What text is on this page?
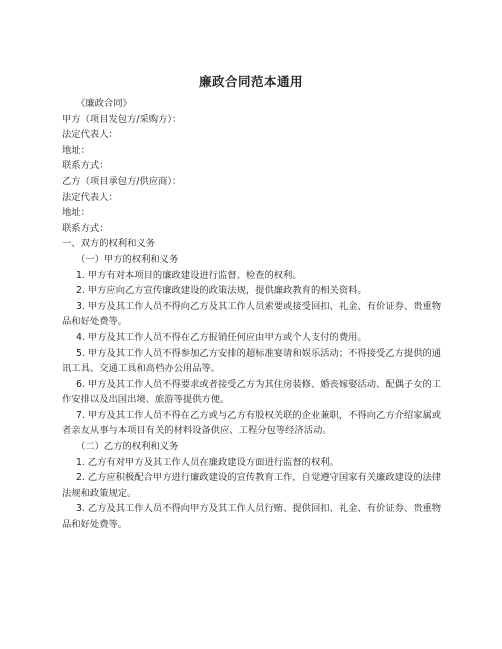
廉政合同范本通用

《廉政合同》

甲方（项目发包方/采购方）：

法定代表人：

地址：

联系方式：

乙方（项目承包方/供应商）：

法定代表人：

地址：

联系方式：

一、双方的权利和义务

（一）甲方的权利和义务

1. 甲方有对本项目的廉政建设进行监督、检查的权利。

2. 甲方应向乙方宣传廉政建设的政策法规，提供廉政教育的相关资料。

3. 甲方及其工作人员不得向乙方及其工作人员索要或接受回扣、礼金、有价证券、贵重物品和好处费等。

4. 甲方及其工作人员不得在乙方报销任何应由甲方或个人支付的费用。

5. 甲方及其工作人员不得参加乙方安排的超标准宴请和娱乐活动；不得接受乙方提供的通讯工具、交通工具和高档办公用品等。

6. 甲方及其工作人员不得要求或者接受乙方为其住房装修、婚丧嫁娶活动、配偶子女的工作安排以及出国出境、旅游等提供方便。

7. 甲方及其工作人员不得在乙方或与乙方有股权关联的企业兼职，不得向乙方介绍家属或者亲友从事与本项目有关的材料设备供应、工程分包等经济活动。

（二）乙方的权利和义务

1. 乙方有对甲方及其工作人员在廉政建设方面进行监督的权利。

2. 乙方应积极配合甲方进行廉政建设的宣传教育工作，自觉遵守国家有关廉政建设的法律法规和政策规定。

3. 乙方及其工作人员不得向甲方及其工作人员行贿、提供回扣、礼金、有价证券、贵重物品和好处费等。
